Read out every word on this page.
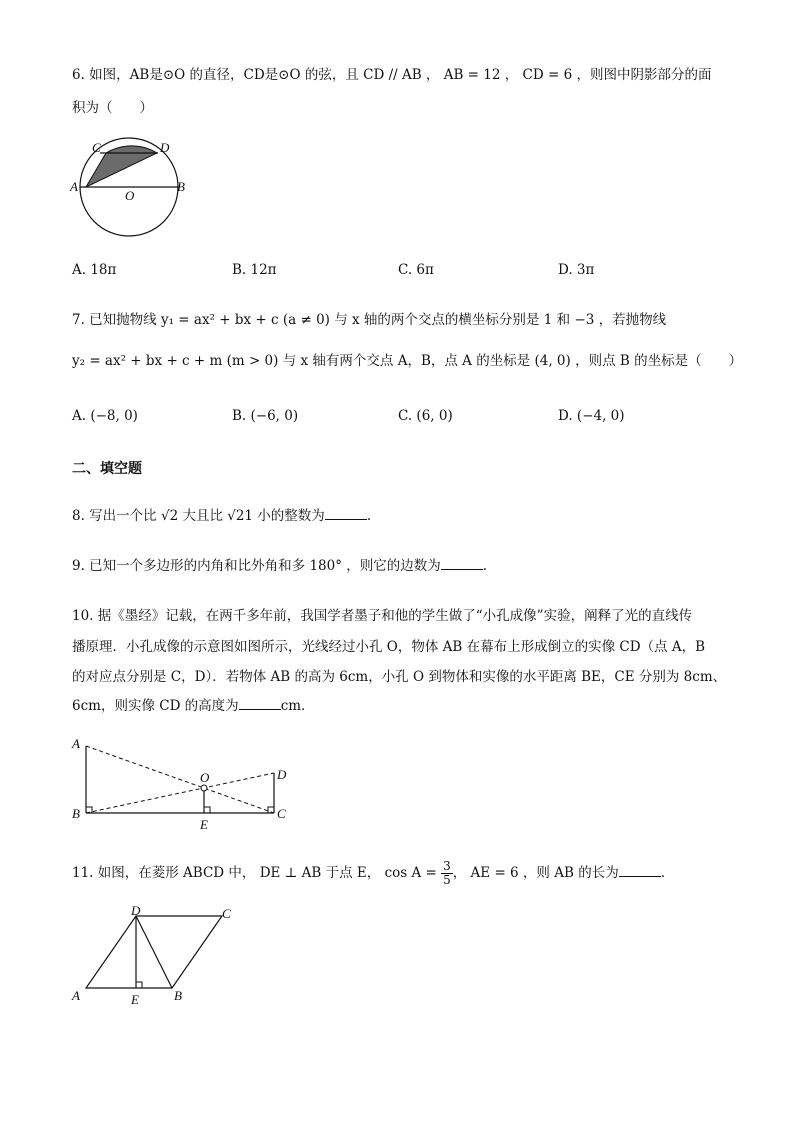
6. 如图，AB是⊙O 的直径，CD是⊙O 的弦，且 CD // AB ， AB = 12 ， CD = 6 ，则图中阴影部分的面
积为（　　）
A	B
C	D
O
A. 18π	B. 12π	C. 6π	D. 3π
7. 已知抛物线 y₁ = ax² + bx + c (a ≠ 0) 与 x 轴的两个交点的横坐标分别是 1 和 −3 ，若抛物线
y₂ = ax² + bx + c + m (m > 0) 与 x 轴有两个交点 A，B，点 A 的坐标是 (4, 0) ，则点 B 的坐标是（　　）
A. (−8, 0)	B. (−6, 0)	C. (6, 0)	D. (−4, 0)
二、填空题
8. 写出一个比 √2 大且比 √21 小的整数为	.
9. 已知一个多边形的内角和比外角和多 180° ，则它的边数为	.
10. 据《墨经》记载，在两千多年前，我国学者墨子和他的学生做了“小孔成像”实验，阐释了光的直线传
播原理．小孔成像的示意图如图所示，光线经过小孔 O，物体 AB 在幕布上形成倒立的实像 CD（点 A，B
的对应点分别是 C，D）．若物体 AB 的高为 6cm，小孔 O 到物体和实像的水平距离 BE，CE 分别为 8cm、
6cm，则实像 CD 的高度为	cm．
A
B	C
D
E
O
11. 如图，在菱形 ABCD 中， DE ⊥ AB 于点 E， $\cos A = \frac{3}{5}$ ， AE = 6 ，则 AB 的长为	.
A	B
C
D
E
